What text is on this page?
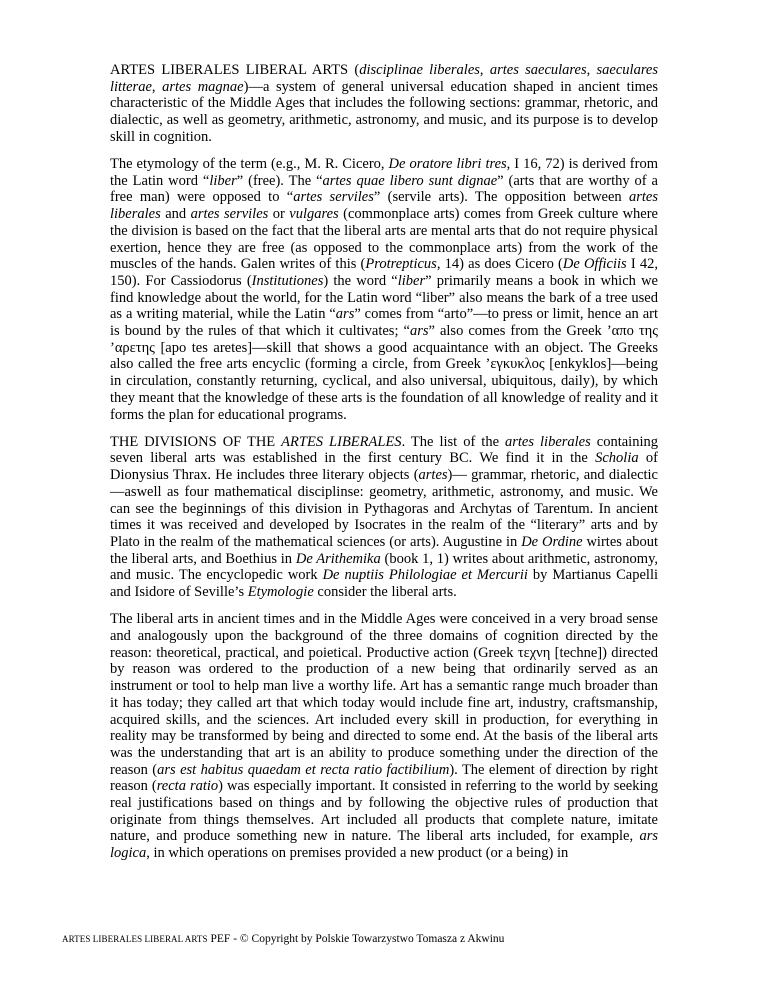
ARTES LIBERALES LIBERAL ARTS (disciplinae liberales, artes saeculares, saeculares litterae, artes magnae)—a system of general universal education shaped in ancient times characteristic of the Middle Ages that includes the following sections: grammar, rhetoric, and dialectic, as well as geometry, arithmetic, astronomy, and music, and its purpose is to develop skill in cognition.

The etymology of the term (e.g., M. R. Cicero, De oratore libri tres, I 16, 72) is derived from the Latin word “liber” (free). The “artes quae libero sunt dignae” (arts that are worthy of a free man) were opposed to “artes serviles” (servile arts). The opposition between artes liberales and artes serviles or vulgares (commonplace arts) comes from Greek culture where the division is based on the fact that the liberal arts are mental arts that do not require physical exertion, hence they are free (as opposed to the commonplace arts) from the work of the muscles of the hands. Galen writes of this (Protrepticus, 14) as does Cicero (De Officiis I 42, 150). For Cassiodorus (Institutiones) the word “liber” primarily means a book in which we find knowledge about the world, for the Latin word “liber” also means the bark of a tree used as a writing material, while the Latin “ars” comes from “arto”—to press or limit, hence an art is bound by the rules of that which it cultivates; “ars” also comes from the Greek ’απο της ’αρετης [apo tes aretes]—skill that shows a good acquaintance with an object. The Greeks also called the free arts encyclic (forming a circle, from Greek ’εγκυκλος [enkyklos]—being in circulation, constantly returning, cyclical, and also universal, ubiquitous, daily), by which they meant that the knowledge of these arts is the foundation of all knowledge of reality and it forms the plan for educational programs.

THE DIVISIONS OF THE ARTES LIBERALES. The list of the artes liberales containing seven liberal arts was established in the first century BC. We find it in the Scholia of Dionysius Thrax. He includes three literary objects (artes)— grammar, rhetoric, and dialectic—aswell as four mathematical disciplinse: geometry, arithmetic, astronomy, and music. We can see the beginnings of this division in Pythagoras and Archytas of Tarentum. In ancient times it was received and developed by Isocrates in the realm of the “literary” arts and by Plato in the realm of the mathematical sciences (or arts). Augustine in De Ordine wirtes about the liberal arts, and Boethius in De Arithemika (book 1, 1) writes about arithmetic, astronomy, and music. The encyclopedic work De nuptiis Philologiae et Mercurii by Martianus Capelli and Isidore of Seville’s Etymologie consider the liberal arts.

The liberal arts in ancient times and in the Middle Ages were conceived in a very broad sense and analogously upon the background of the three domains of cognition directed by the reason: theoretical, practical, and poietical. Productive action (Greek τεχνη [techne]) directed by reason was ordered to the production of a new being that ordinarily served as an instrument or tool to help man live a worthy life. Art has a semantic range much broader than it has today; they called art that which today would include fine art, industry, craftsmanship, acquired skills, and the sciences. Art included every skill in production, for everything in reality may be transformed by being and directed to some end. At the basis of the liberal arts was the understanding that art is an ability to produce something under the direction of the reason (ars est habitus quaedam et recta ratio factibilium). The element of direction by right reason (recta ratio) was especially important. It consisted in referring to the world by seeking real justifications based on things and by following the objective rules of production that originate from things themselves. Art included all products that complete nature, imitate nature, and produce something new in nature. The liberal arts included, for example, ars logica, in which operations on premises provided a new product (or a being) in

ARTES LIBERALES LIBERAL ARTS PEF - © Copyright by Polskie Towarzystwo Tomasza z Akwinu
